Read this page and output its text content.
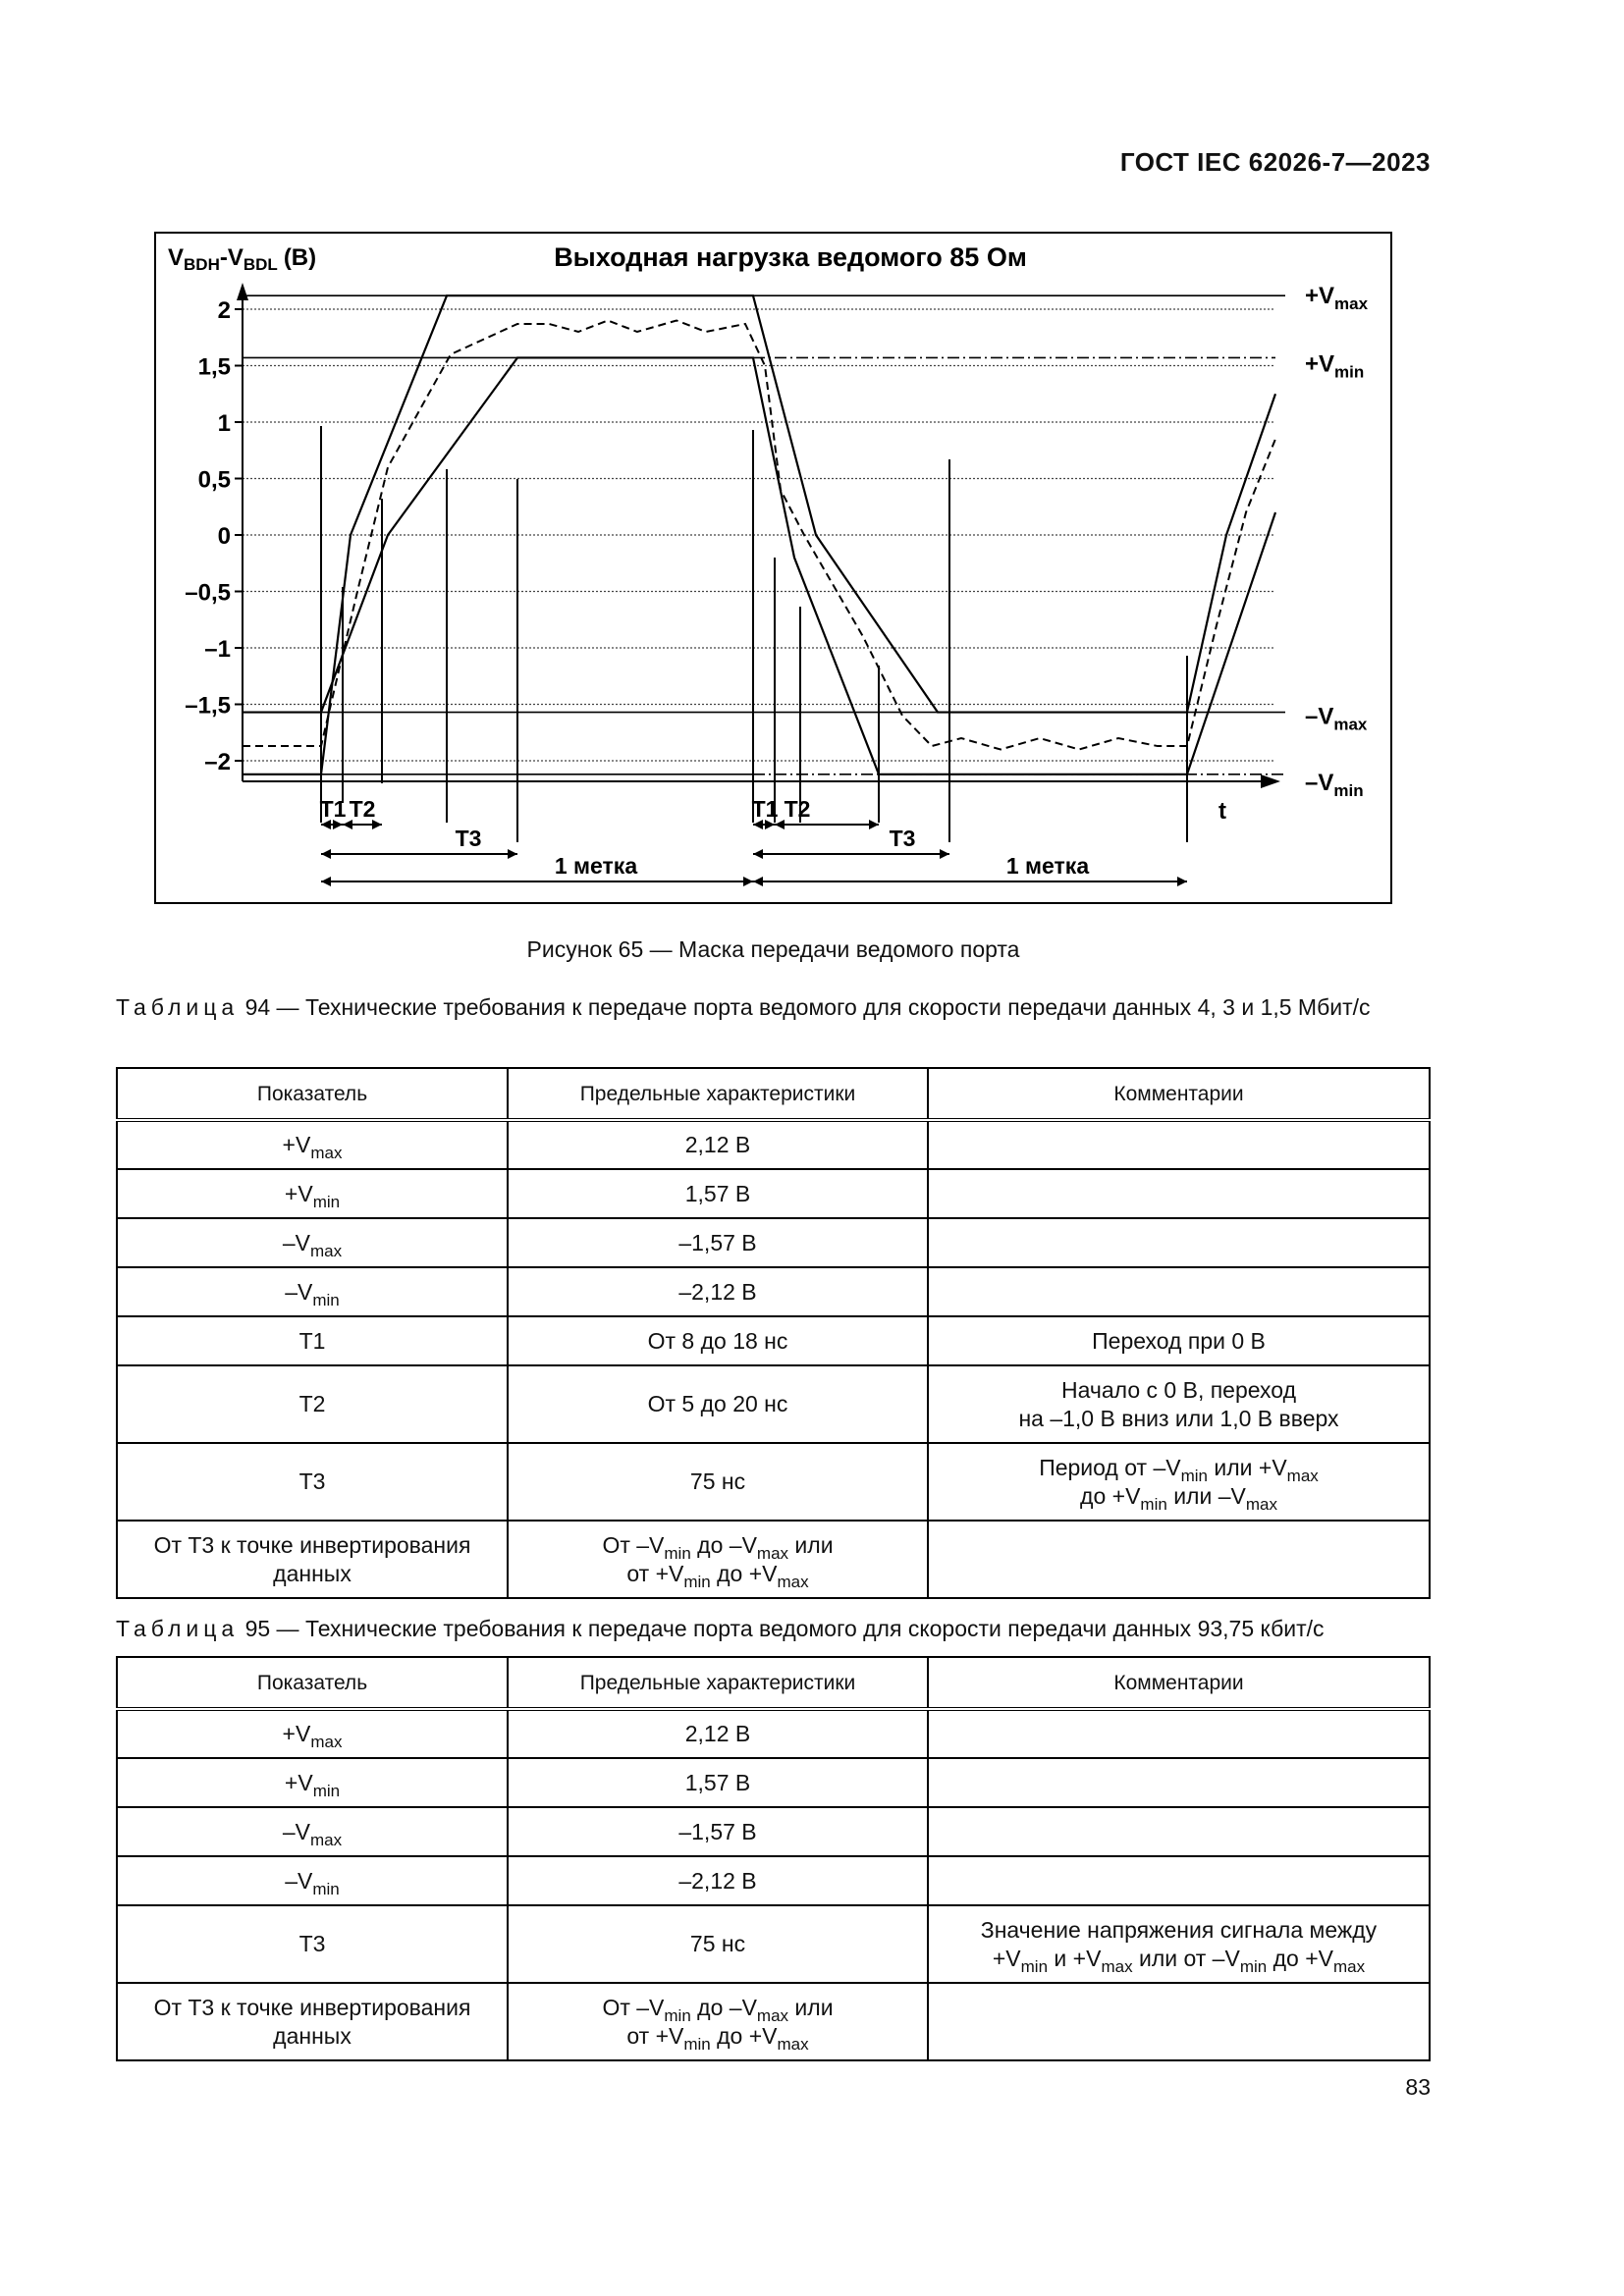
ГОСТ IEC 62026-7—2023
Выходная нагрузка ведомого 85 Ом
$V_{BDH}-V_{BDL}$ (В)
2
1,5
1
0,5
0
–0,5
–1
–1,5
–2
$+V_{max}$
$+V_{min}$
$-V_{max}$
$-V_{min}$
t
T1 T2
T3
1 метка
T1 T2
T3
1 метка
Рисунок 65 — Маска передачи ведомого порта
Таблица 94 — Технические требования к передаче порта ведомого для скорости передачи данных 4, 3 и 1,5 Мбит/с
Показатель	Предельные характеристики	Комментарии
$+V_{max}$	2,12 В	
$+V_{min}$	1,57 В	
$-V_{max}$	–1,57 В	
$-V_{min}$	–2,12 В	
T1	От 8 до 18 нс	Переход при 0 В
T2	От 5 до 20 нс	Начало с 0 В, переход
на –1,0 В вниз или 1,0 В вверх
T3	75 нс	Период от $-V_{min}$ или $+V_{max}$
до $+V_{min}$ или $-V_{max}$
От T3 к точке инвертирования
данных	От $-V_{min}$ до $-V_{max}$ или
от $+V_{min}$ до $+V_{max}$	
Таблица 95 — Технические требования к передаче порта ведомого для скорости передачи данных 93,75 кбит/с
Показатель	Предельные характеристики	Комментарии
$+V_{max}$	2,12 В	
$+V_{min}$	1,57 В	
$-V_{max}$	–1,57 В	
$-V_{min}$	–2,12 В	
T3	75 нс	Значение напряжения сигнала между
$+V_{min}$ $и +V_{max}$ или от $-V_{min}$ до $+V_{max}$
От T3 к точке инвертирования
данных	От $-V_{min}$ до $-V_{max}$ или
от $+V_{min}$ до $+V_{max}$	
83
